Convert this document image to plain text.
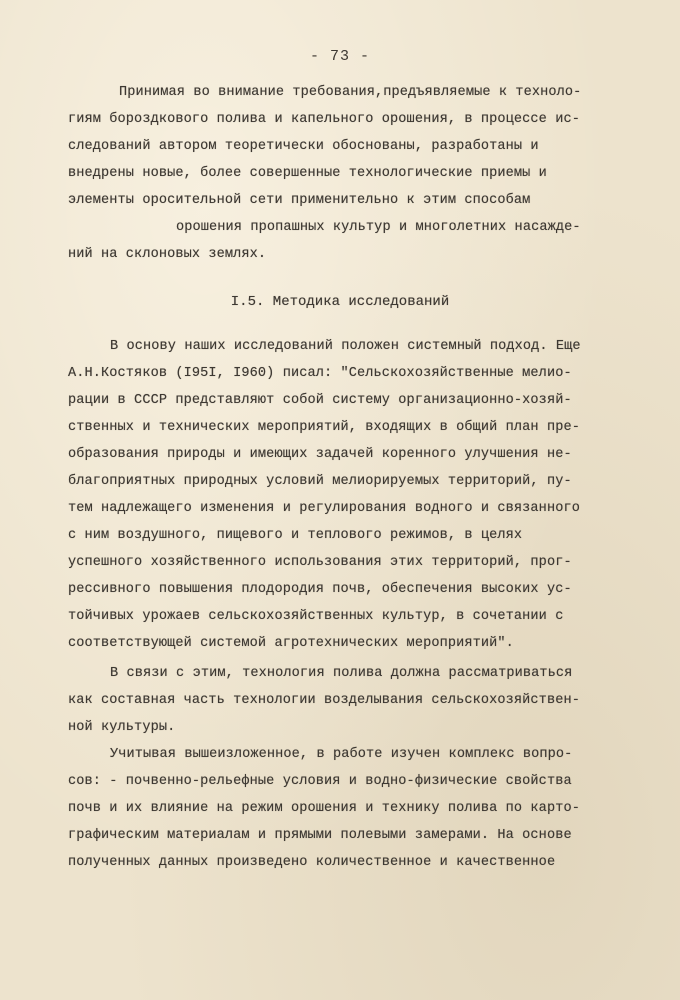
- 73 -
Принимая во внимание требования,предъявляемые к техноло-
гиям бороздкового полива и капельного орошения, в процессе ис-
следований автором теоретически обоснованы, разработаны и
внедрены новые, более совершенные технологические приемы и
элементы оросительной сети применительно к этим способам
орошения пропашных культур и многолетних насажде-
ний на склоновых землях.
I.5. Методика исследований
В основу наших исследований положен системный подход. Еще
А.Н.Костяков (I95I, I960) писал: "Сельскохозяйственные мелио-
рации в СССР представляют собой систему организационно-хозяй-
ственных и технических мероприятий, входящих в общий план пре-
образования природы и имеющих задачей коренного улучшения не-
благоприятных природных условий мелиорируемых территорий, пу-
тем надлежащего изменения и регулирования водного и связанного
с ним воздушного, пищевого и теплового режимов, в целях
успешного хозяйственного использования этих территорий, прог-
рессивного повышения плодородия почв, обеспечения высоких ус-
тойчивых урожаев сельскохозяйственных культур, в сочетании с
соответствующей системой агротехнических мероприятий".
В связи с этим, технология полива должна рассматриваться
как составная часть технологии возделывания сельскохозяйствен-
ной культуры.
Учитывая вышеизложенное, в работе изучен комплекс вопро-
сов: - почвенно-рельефные условия и водно-физические свойства
почв и их влияние на режим орошения и технику полива по карто-
графическим материалам и прямыми полевыми замерами. На основе
полученных данных произведено количественное и качественное
